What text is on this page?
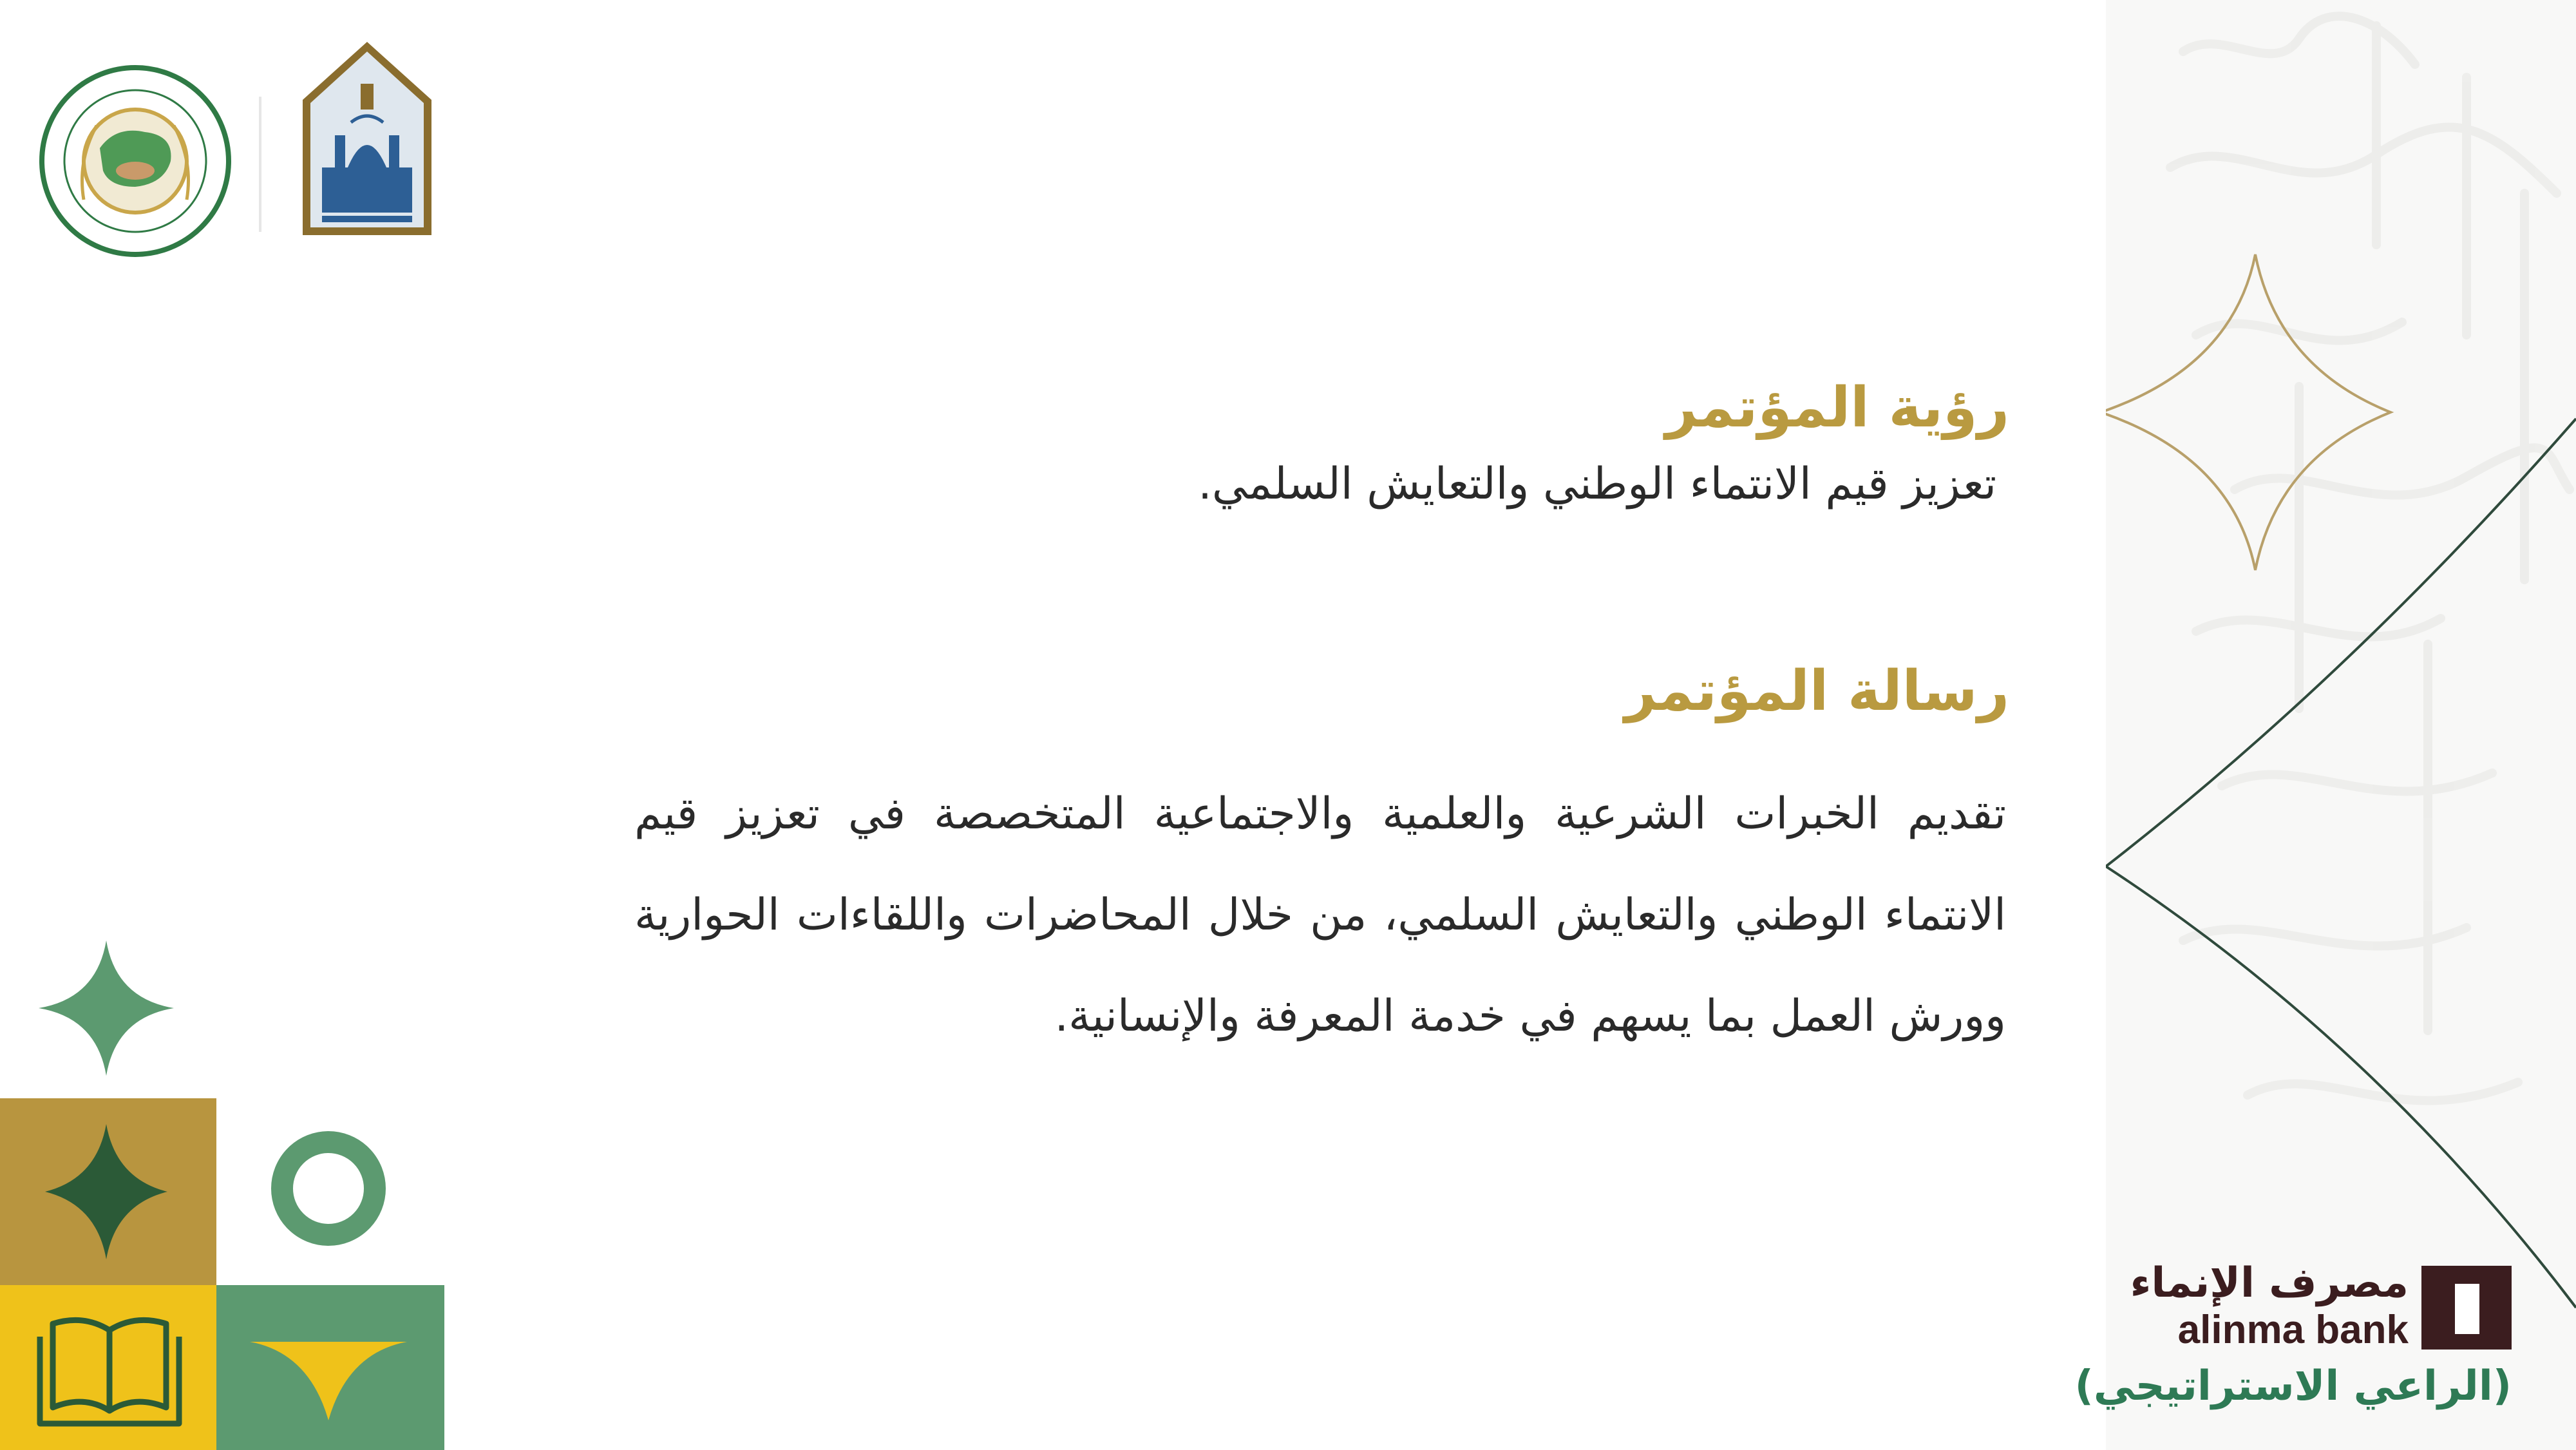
رؤية المؤتمر
تعزيز قيم الانتماء الوطني والتعايش السلمي.
رسالة المؤتمر
تقديم الخبرات الشرعية والعلمية والاجتماعية المتخصصة في تعزيز قيم الانتماء الوطني والتعايش السلمي، من خلال المحاضرات واللقاءات الحوارية وورش العمل بما يسهم في خدمة المعرفة والإنسانية.
مصرف الإنماء
alinma bank
(الراعي الاستراتيجي)
